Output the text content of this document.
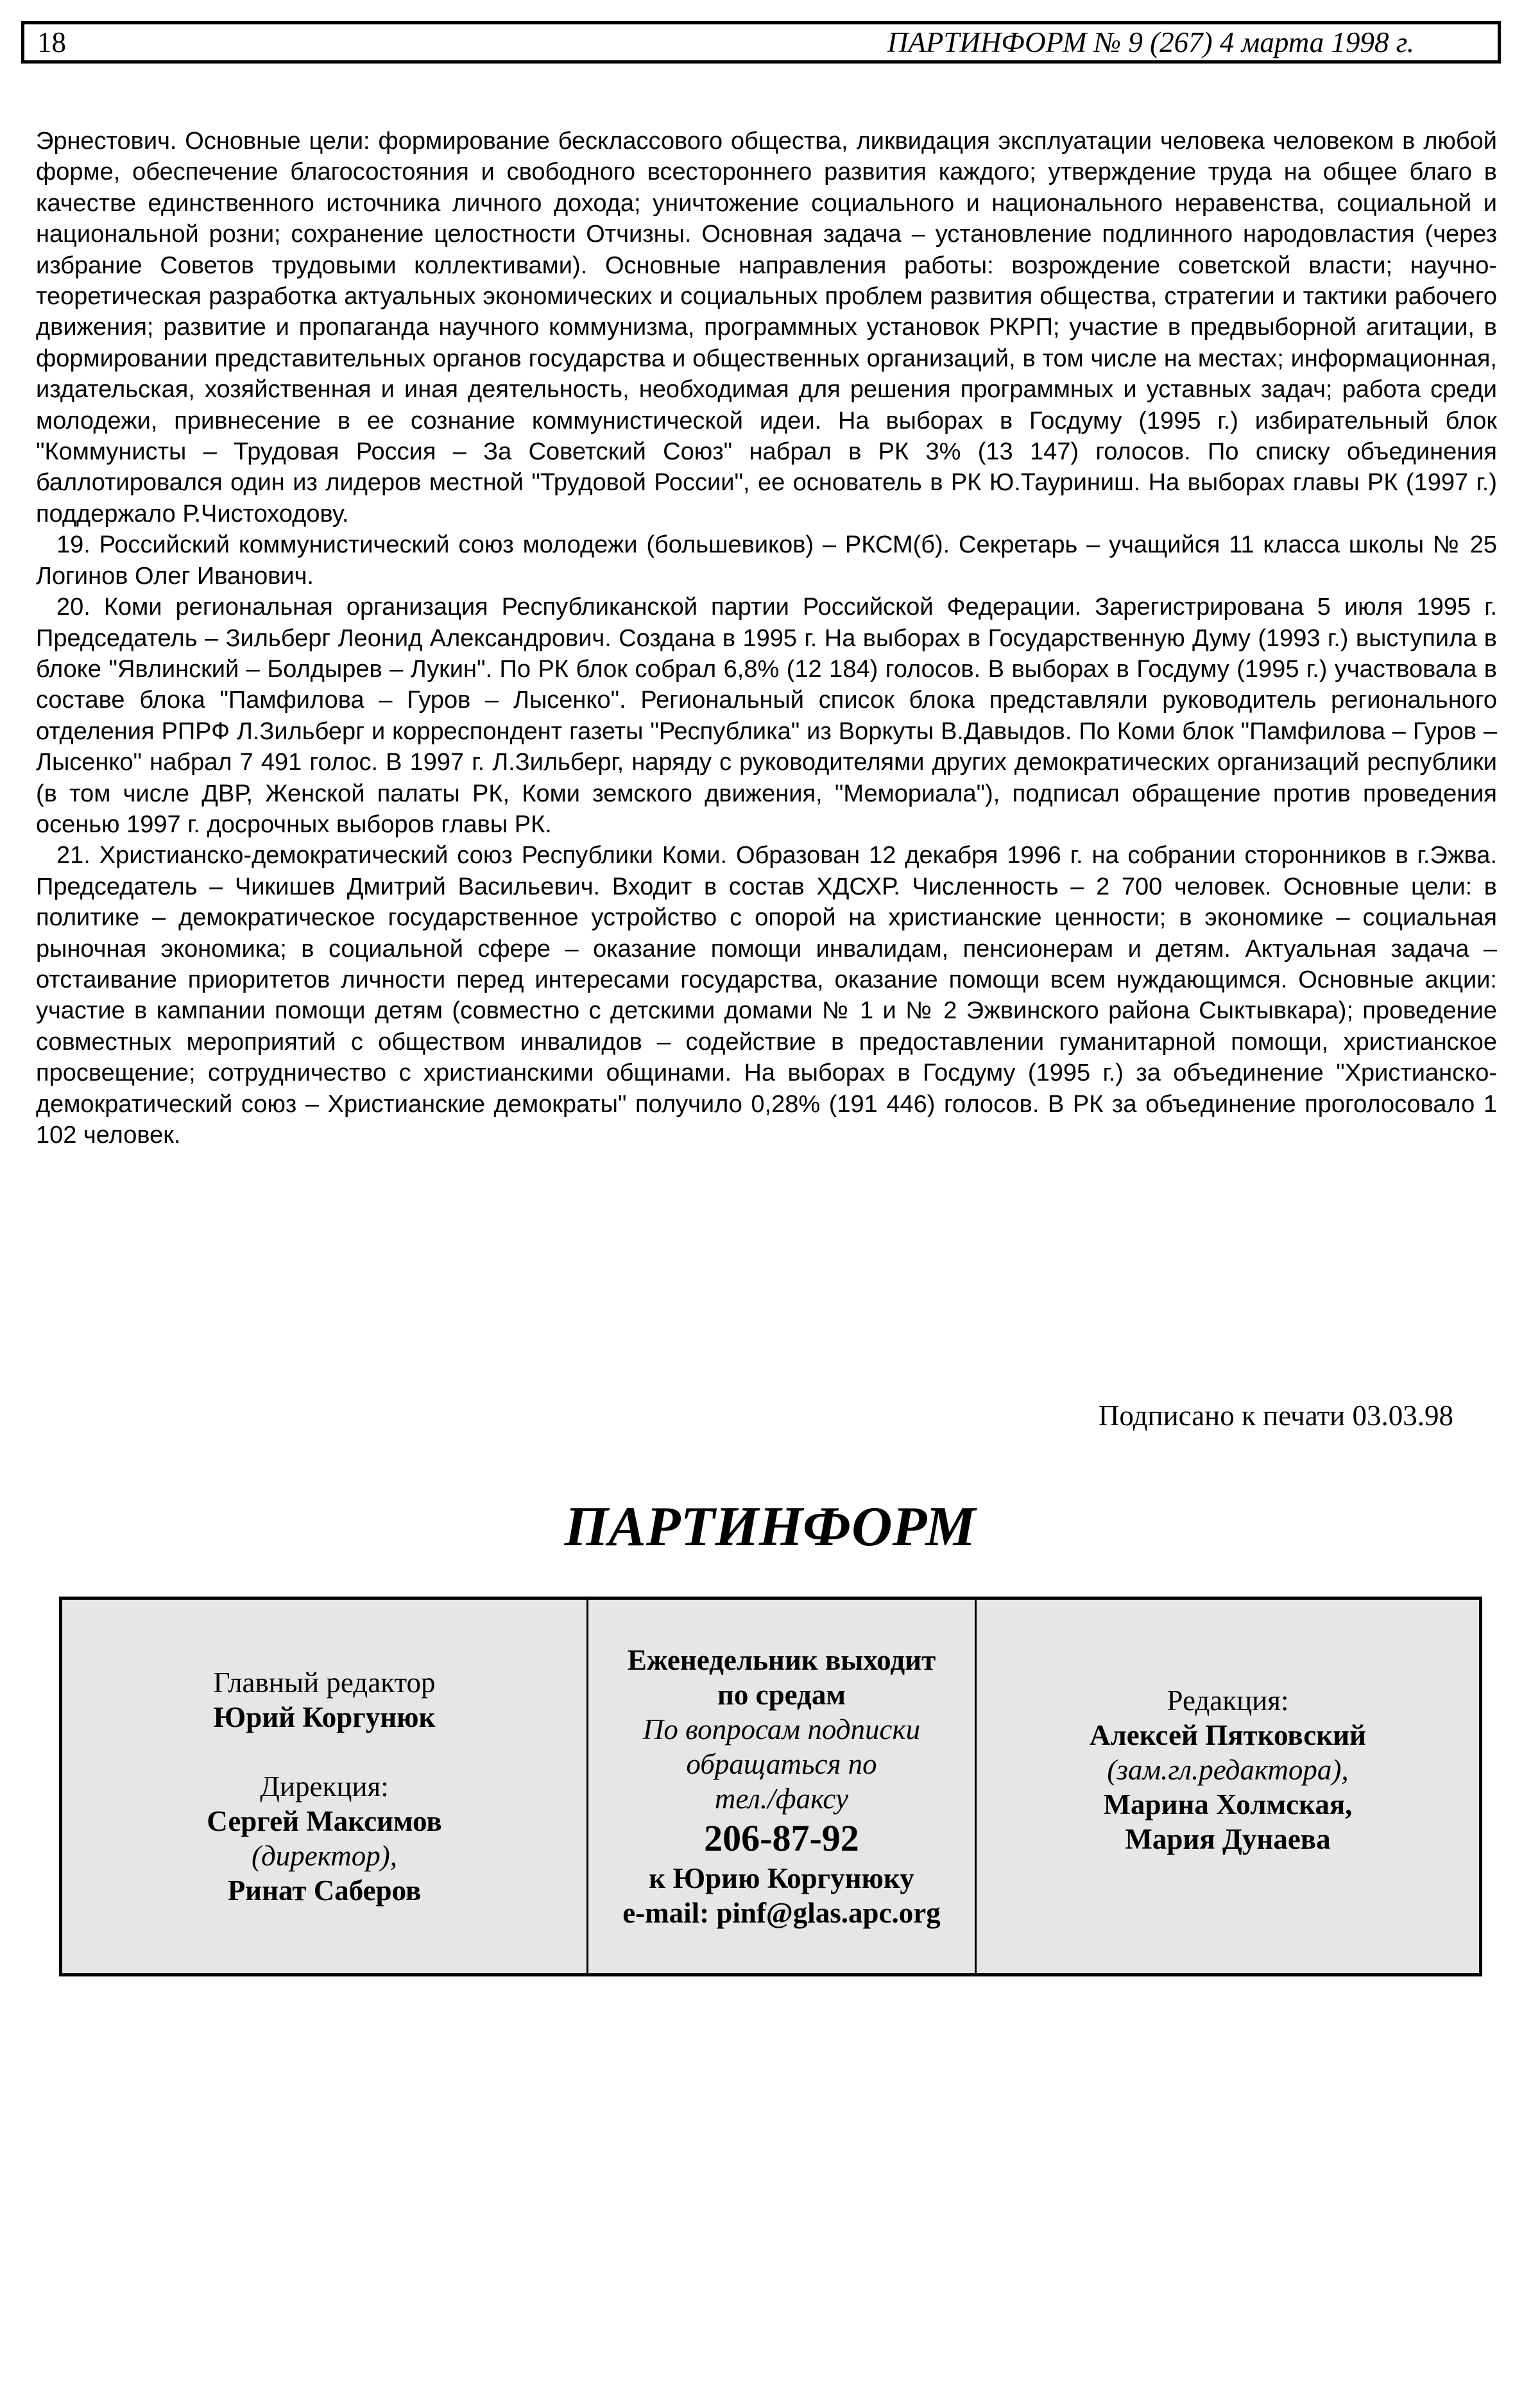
18	ПАРТИНФОРМ № 9 (267) 4 марта 1998 г.

Эрнестович. Основные цели: формирование бесклассового общества, ликвидация эксплуатации человека человеком в любой форме, обеспечение благосостояния и свободного всестороннего развития каждого; утверждение труда на общее благо в качестве единственного источника личного дохода; уничтожение социального и национального неравенства, социальной и национальной розни; сохранение целостности Отчизны. Основная задача – установление подлинного народовластия (через избрание Советов трудовыми коллективами). Основные направления работы: возрождение советской власти; научно-теоретическая разработка актуальных экономических и социальных проблем развития общества, стратегии и тактики рабочего движения; развитие и пропаганда научного коммунизма, программных установок РКРП; участие в предвыборной агитации, в формировании представительных органов государства и общественных организаций, в том числе на местах; информационная, издательская, хозяйственная и иная деятельность, необходимая для решения программных и уставных задач; работа среди молодежи, привнесение в ее сознание коммунистической идеи. На выборах в Госдуму (1995 г.) избирательный блок "Коммунисты – Трудовая Россия – За Советский Союз" набрал в РК 3% (13 147) голосов. По списку объединения баллотировался один из лидеров местной "Трудовой России", ее основатель в РК Ю.Тауриниш. На выборах главы РК (1997 г.) поддержало Р.Чистоходову.

19. Российский коммунистический союз молодежи (большевиков) – РКСМ(б). Секретарь – учащийся 11 класса школы № 25 Логинов Олег Иванович.

20. Коми региональная организация Республиканской партии Российской Федерации. Зарегистрирована 5 июля 1995 г. Председатель – Зильберг Леонид Александрович. Создана в 1995 г. На выборах в Государственную Думу (1993 г.) выступила в блоке "Явлинский – Болдырев – Лукин". По РК блок собрал 6,8% (12 184) голосов. В выборах в Госдуму (1995 г.) участвовала в составе блока "Памфилова – Гуров – Лысенко". Региональный список блока представляли руководитель регионального отделения РПРФ Л.Зильберг и корреспондент газеты "Республика" из Воркуты В.Давыдов. По Коми блок "Памфилова – Гуров – Лысенко" набрал 7 491 голос. В 1997 г. Л.Зильберг, наряду с руководителями других демократических организаций республики (в том числе ДВР, Женской палаты РК, Коми земского движения, "Мемориала"), подписал обращение против проведения осенью 1997 г. досрочных выборов главы РК.

21. Христианско-демократический союз Республики Коми. Образован 12 декабря 1996 г. на собрании сторонников в г.Эжва. Председатель – Чикишев Дмитрий Васильевич. Входит в состав ХДСХР. Численность – 2 700 человек. Основные цели: в политике – демократическое государственное устройство с опорой на христианские ценности; в экономике – социальная рыночная экономика; в социальной сфере – оказание помощи инвалидам, пенсионерам и детям. Актуальная задача – отстаивание приоритетов личности перед интересами государства, оказание помощи всем нуждающимся. Основные акции: участие в кампании помощи детям (совместно с детскими домами № 1 и № 2 Эжвинского района Сыктывкара); проведение совместных мероприятий с обществом инвалидов – содействие в предоставлении гуманитарной помощи, христианское просвещение; сотрудничество с христианскими общинами. На выборах в Госдуму (1995 г.) за объединение "Христианско-демократический союз – Христианские демократы" получило 0,28% (191 446) голосов. В РК за объединение проголосовало 1 102 человек.

Подписано к печати 03.03.98
ПАРТИНФОРМ
Главный редактор
Юрий Коргунюк
Дирекция:
Сергей Максимов
(директор),
Ринат Саберов
Еженедельник выходит
по средам
По вопросам подписки
обращаться по
тел./факсу
206-87-92
к Юрию Коргунюку
e-mail: pinf@glas.apc.org
Редакция:
Алексей Пятковский
(зам.гл.редактора),
Марина Холмская,
Мария Дунаева
